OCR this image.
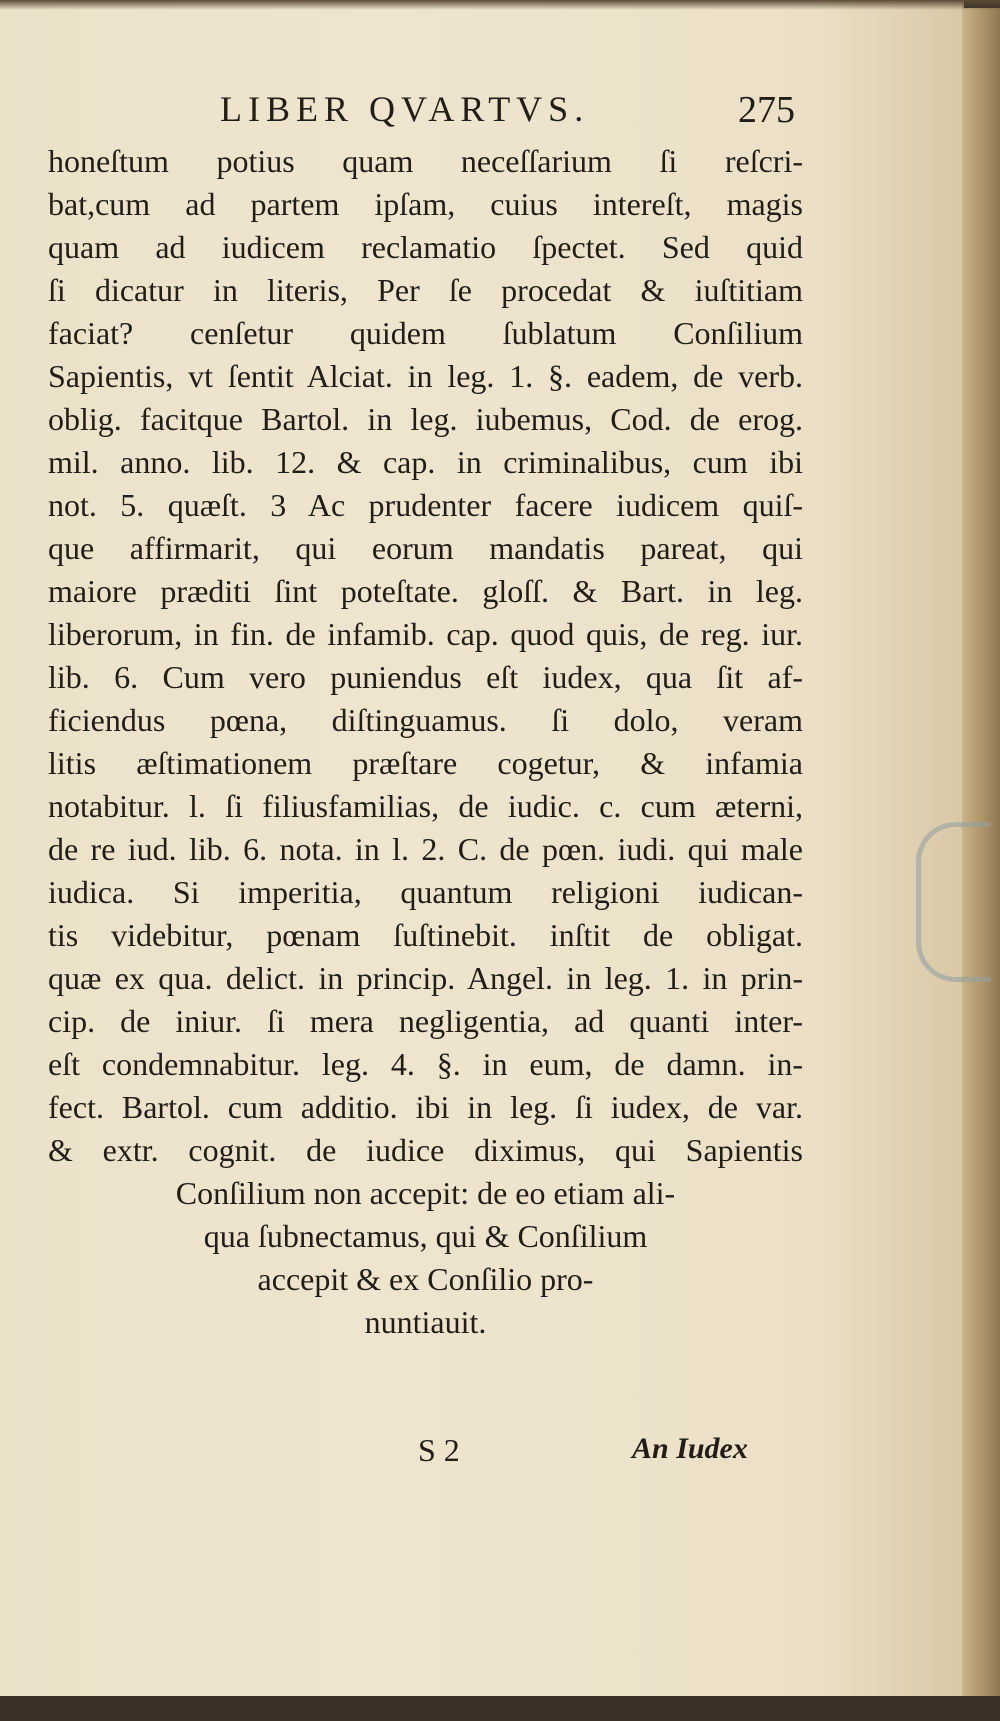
LIBER QVARTVS.	275
honeſtum potius quam neceſſarium ſi reſcri-
bat,cum ad partem ipſam, cuius intereſt, magis
quam ad iudicem reclamatio ſpectet. Sed quid
ſi dicatur in literis, Per ſe procedat & iuſtitiam
faciat? cenſetur quidem ſublatum Conſilium
Sapientis, vt ſentit Alciat. in leg. 1. §. eadem, de verb.
oblig. facitque Bartol. in leg. iubemus, Cod. de erog.
mil. anno. lib. 12. & cap. in criminalibus, cum ibi
not. 5. quæſt. 3 Ac prudenter facere iudicem quiſ-
que affirmarit, qui eorum mandatis pareat, qui
maiore præditi ſint poteſtate. gloſſ. & Bart. in leg.
liberorum, in fin. de infamib. cap. quod quis, de reg. iur.
lib. 6. Cum vero puniendus eſt iudex, qua ſit af-
ficiendus pœna, diſtinguamus. ſi dolo, veram
litis æſtimationem præſtare cogetur, & infamia
notabitur. l. ſi filiusfamilias, de iudic. c. cum æterni,
de re iud. lib. 6. nota. in l. 2. C. de pœn. iudi. qui male
iudica. Si imperitia, quantum religioni iudican-
tis videbitur, pœnam ſuſtinebit. inſtit de obligat.
quæ ex qua. delict. in princip. Angel. in leg. 1. in prin-
cip. de iniur. ſi mera negligentia, ad quanti inter-
eſt condemnabitur. leg. 4. §. in eum, de damn. in-
fect. Bartol. cum additio. ibi in leg. ſi iudex, de var.
& extr. cognit. de iudice diximus, qui Sapientis
Conſilium non accepit: de eo etiam ali-
qua ſubnectamus, qui & Conſilium
accepit & ex Conſilio pro-
nuntiauit.
S 2	An Iudex
